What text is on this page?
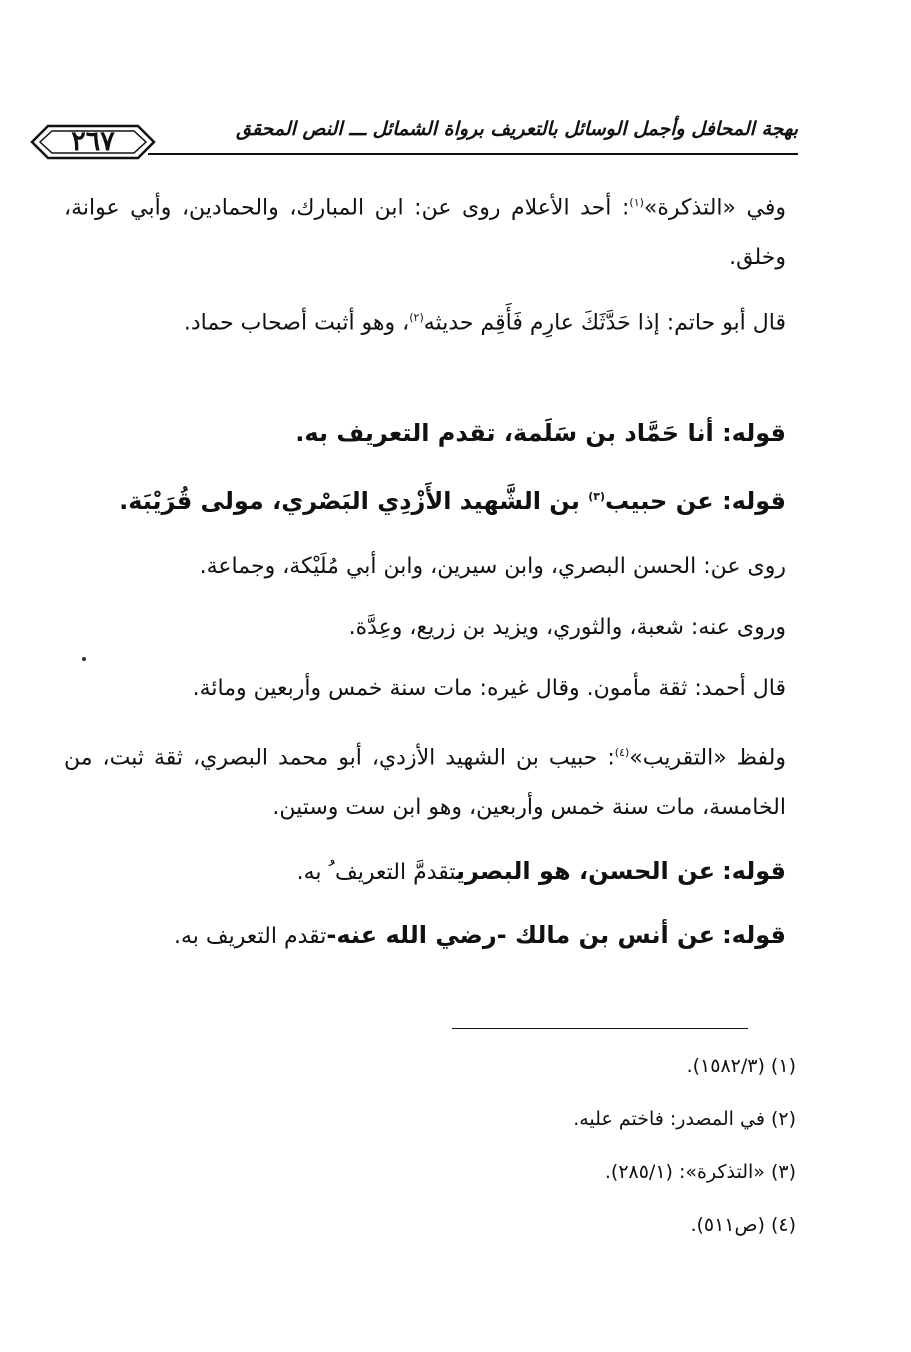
بهجة المحافل وأجمل الوسائل بالتعريف برواة الشمائل ـــ النص المحقق
٢٦٧

وفي «التذكرة»$^{(١)}$: أحد الأعلام روى عن: ابن المبارك، والحمادين، وأبي عوانة، وخلق.

قال أبو حاتم: إذا حَدَّثَكَ عارِم فَأَقِم حديثه$^{(٢)}$، وهو أثبت أصحاب حماد.

قوله: أنا حَمَّاد بن سَلَمة، تقدم التعريف به.

قوله: عن حبيب$^{(٣)}$ بن الشَّهيد الأَزْدِي البَصْري، مولى قُرَيْبَة.

روى عن: الحسن البصري، وابن سيرين، وابن أبي مُلَيْكة، وجماعة.

وروى عنه: شعبة، والثوري، ويزيد بن زريع، وعِدَّة.

قال أحمد: ثقة مأمون. وقال غيره: مات سنة خمس وأربعين ومائة.

ولفظ «التقريب»$^{(٤)}$: حبيب بن الشهيد الأزدي، أبو محمد البصري، ثقة ثبت، من الخامسة، مات سنة خمس وأربعين، وهو ابن ست وستين.

قوله: عن الحسن، هو البصريتقدمَّ التعريف ُ به.

قوله: عن أنس بن مالك -رضي الله عنه-تقدم التعريف به.

(١) (١٥٨٢/٣).

(٢) في المصدر: فاختم عليه.

(٣) «التذكرة»: (٢٨٥/١).

(٤) (ص٥١١).
